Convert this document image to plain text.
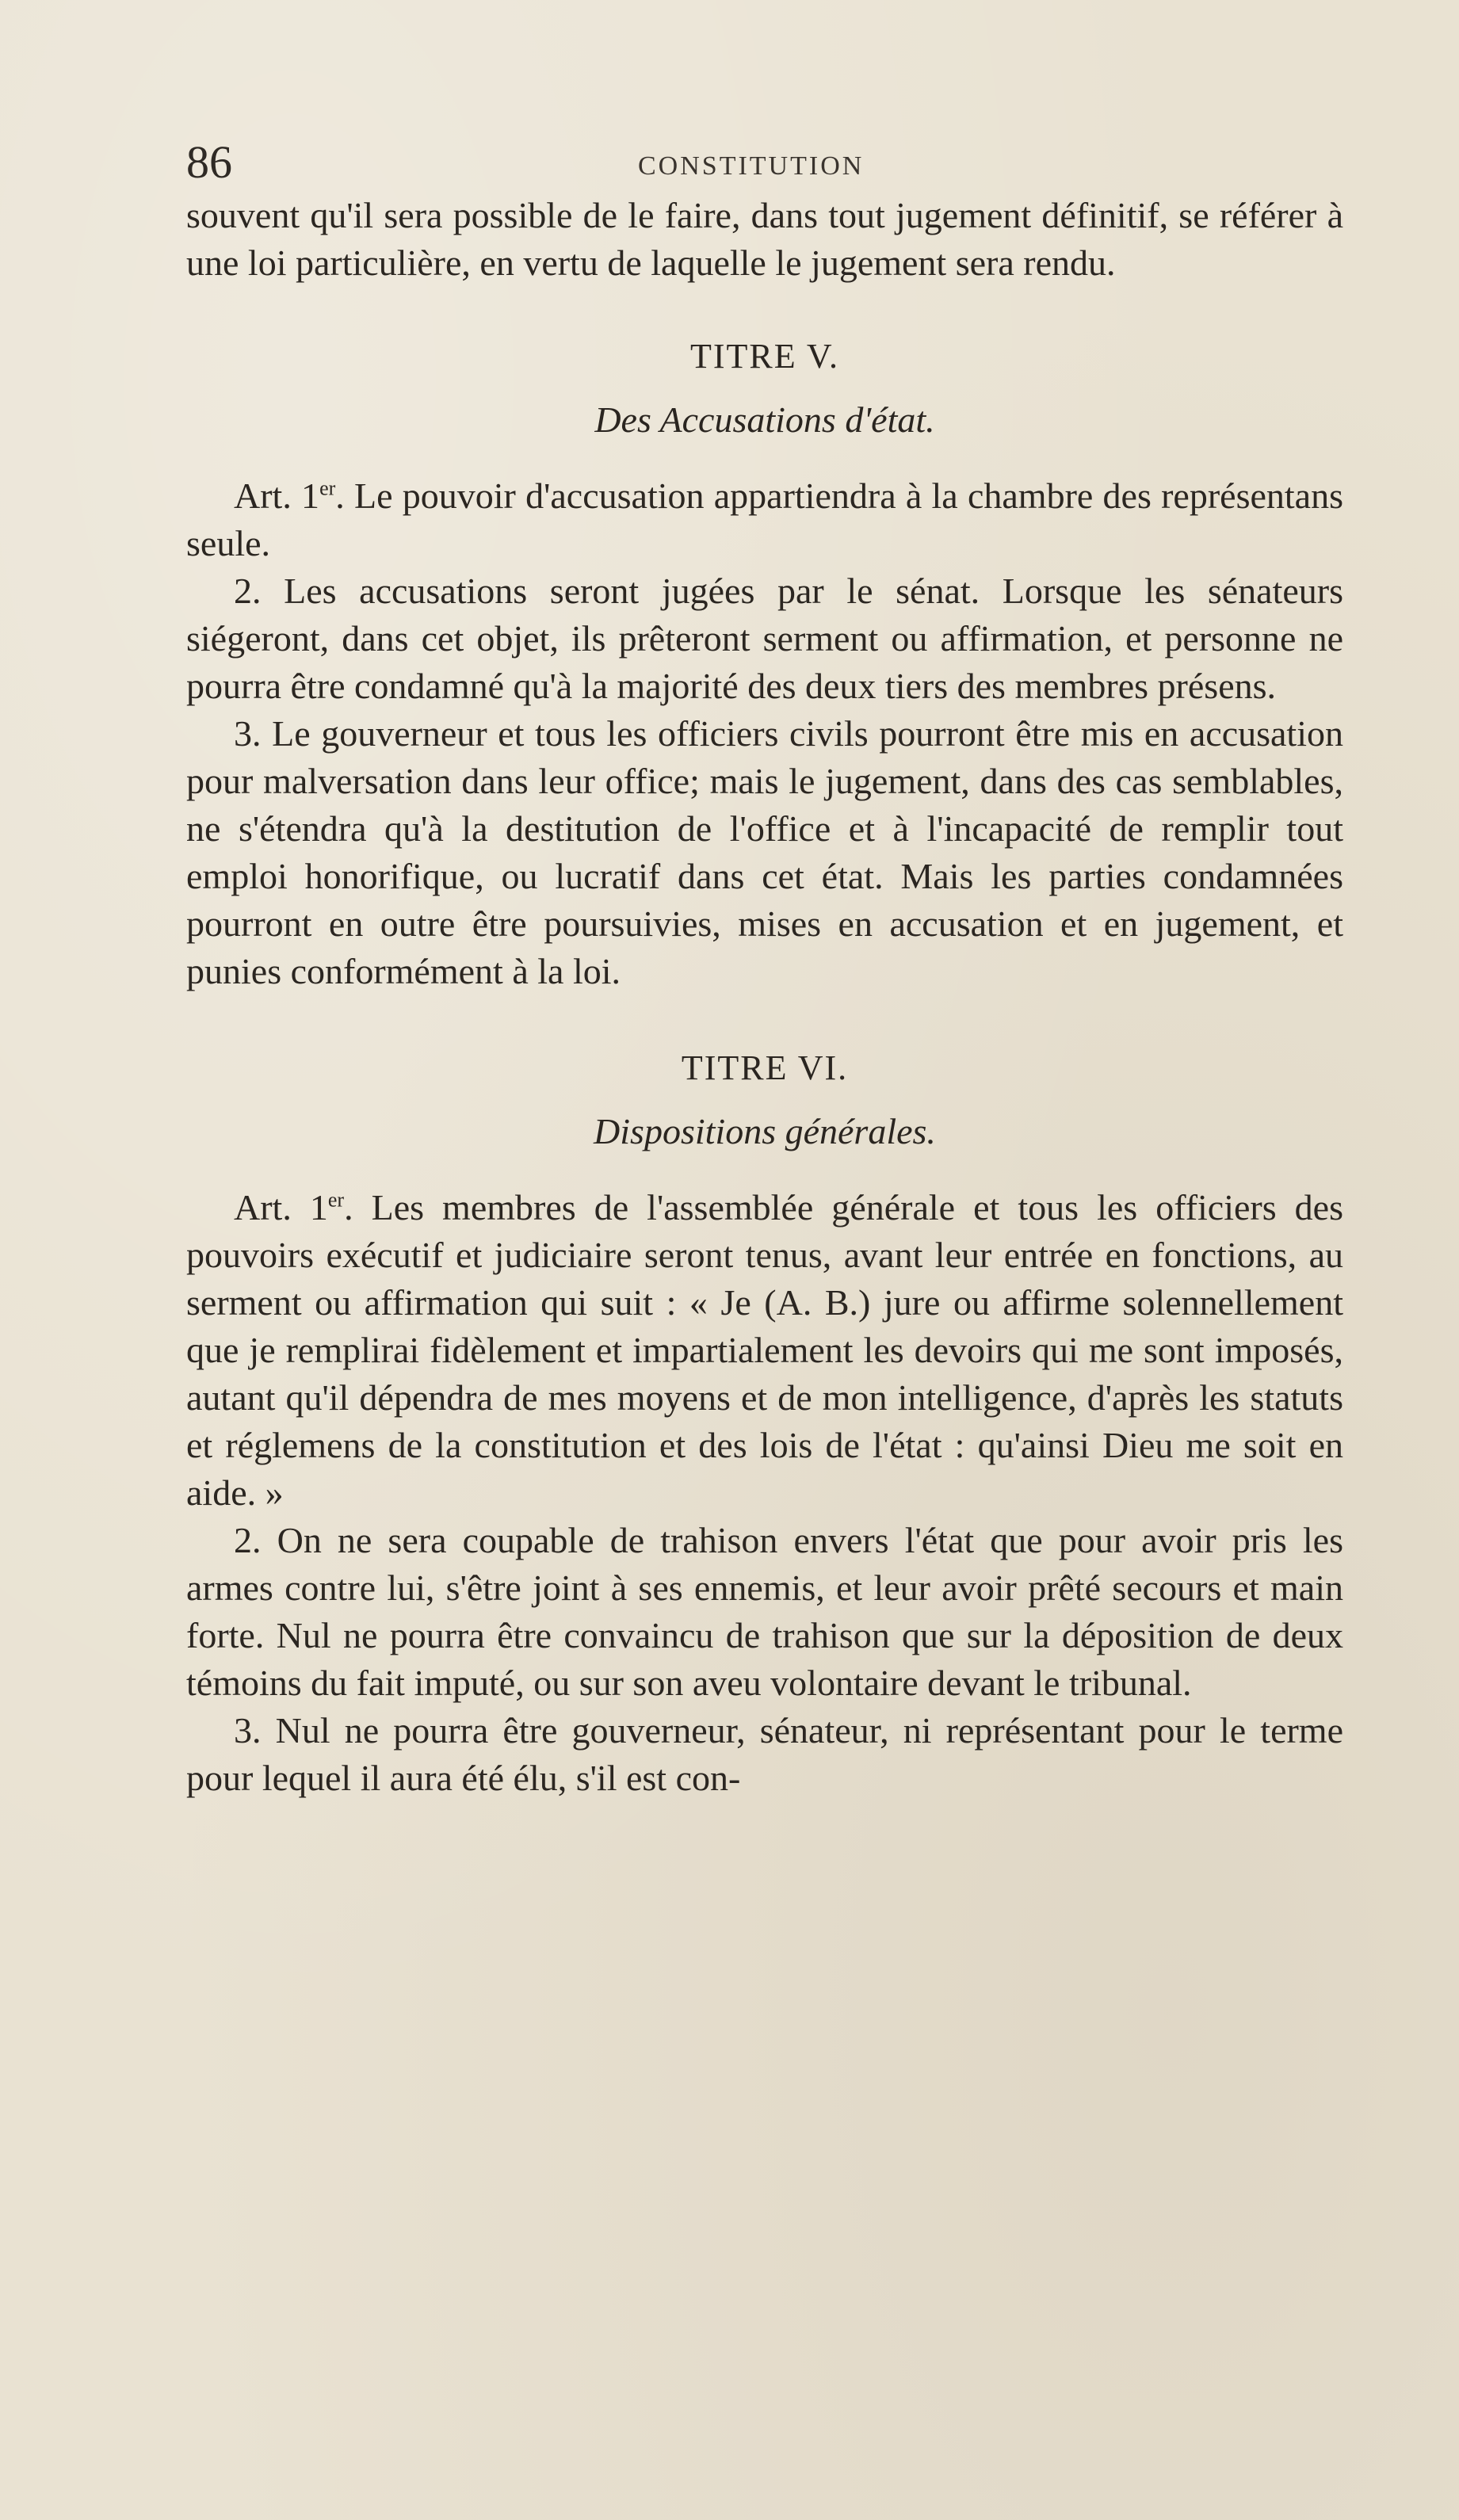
86	CONSTITUTION

souvent qu'il sera possible de le faire, dans tout jugement définitif, se référer à une loi particulière, en vertu de laquelle le jugement sera rendu.

TITRE V.
Des Accusations d'état.

Art. 1er. Le pouvoir d'accusation appartiendra à la chambre des représentans seule.

2. Les accusations seront jugées par le sénat. Lorsque les sénateurs siégeront, dans cet objet, ils prêteront serment ou affirmation, et personne ne pourra être condamné qu'à la majorité des deux tiers des membres présens.

3. Le gouverneur et tous les officiers civils pourront être mis en accusation pour malversation dans leur office; mais le jugement, dans des cas semblables, ne s'étendra qu'à la destitution de l'office et à l'incapacité de remplir tout emploi honorifique, ou lucratif dans cet état. Mais les parties condamnées pourront en outre être poursuivies, mises en accusation et en jugement, et punies conformément à la loi.

TITRE VI.
Dispositions générales.

Art. 1er. Les membres de l'assemblée générale et tous les officiers des pouvoirs exécutif et judiciaire seront tenus, avant leur entrée en fonctions, au serment ou affirmation qui suit : « Je (A. B.) jure ou affirme solennellement que je remplirai fidèlement et impartialement les devoirs qui me sont imposés, autant qu'il dépendra de mes moyens et de mon intelligence, d'après les statuts et réglemens de la constitution et des lois de l'état : qu'ainsi Dieu me soit en aide. »

2. On ne sera coupable de trahison envers l'état que pour avoir pris les armes contre lui, s'être joint à ses ennemis, et leur avoir prêté secours et main forte. Nul ne pourra être convaincu de trahison que sur la déposition de deux témoins du fait imputé, ou sur son aveu volontaire devant le tribunal.

3. Nul ne pourra être gouverneur, sénateur, ni représentant pour le terme pour lequel il aura été élu, s'il est con-
